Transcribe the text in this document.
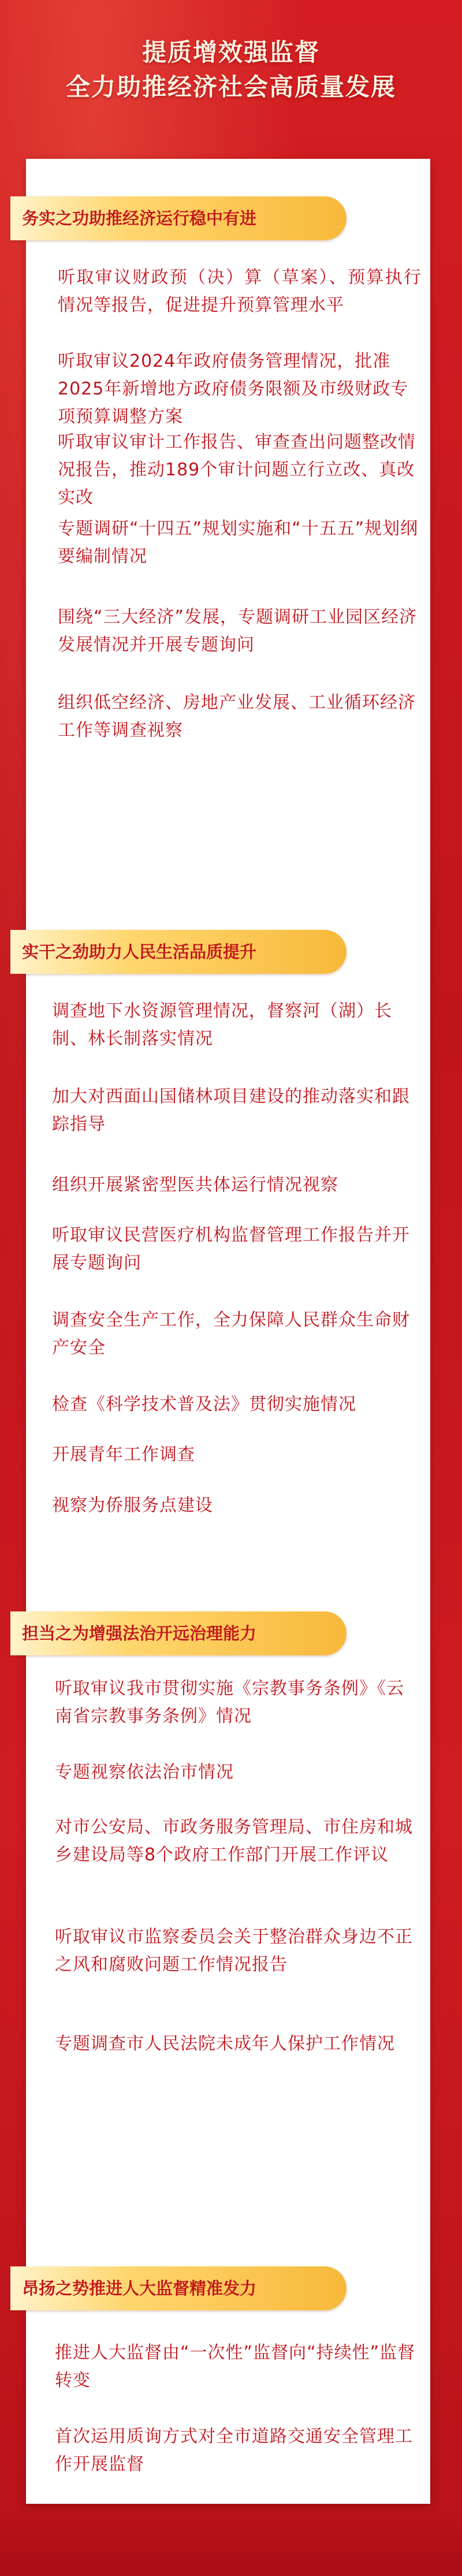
提质增效强监督
全力助推经济社会高质量发展
务实之功助推经济运行稳中有进
听取审议财政预（决）算（草案）、预算执行情况等报告，促进提升预算管理水平
听取审议2024年政府债务管理情况，批准2025年新增地方政府债务限额及市级财政专项预算调整方案
听取审议审计工作报告、审查查出问题整改情况报告，推动189个审计问题立行立改、真改实改
专题调研“十四五”规划实施和“十五五”规划纲要编制情况
围绕“三大经济”发展，专题调研工业园区经济发展情况并开展专题询问
组织低空经济、房地产业发展、工业循环经济工作等调查视察
实干之劲助力人民生活品质提升
调查地下水资源管理情况，督察河（湖）长制、林长制落实情况
加大对西面山国储林项目建设的推动落实和跟踪指导
组织开展紧密型医共体运行情况视察
听取审议民营医疗机构监督管理工作报告并开展专题询问
调查安全生产工作，全力保障人民群众生命财产安全
检查《科学技术普及法》贯彻实施情况
开展青年工作调查
视察为侨服务点建设
担当之为增强法治开远治理能力
听取审议我市贯彻实施《宗教事务条例》《云南省宗教事务条例》情况
专题视察依法治市情况
对市公安局、市政务服务管理局、市住房和城乡建设局等8个政府工作部门开展工作评议
听取审议市监察委员会关于整治群众身边不正之风和腐败问题工作情况报告
专题调查市人民法院未成年人保护工作情况
昂扬之势推进人大监督精准发力
推进人大监督由“一次性”监督向“持续性”监督转变
首次运用质询方式对全市道路交通安全管理工作开展监督
